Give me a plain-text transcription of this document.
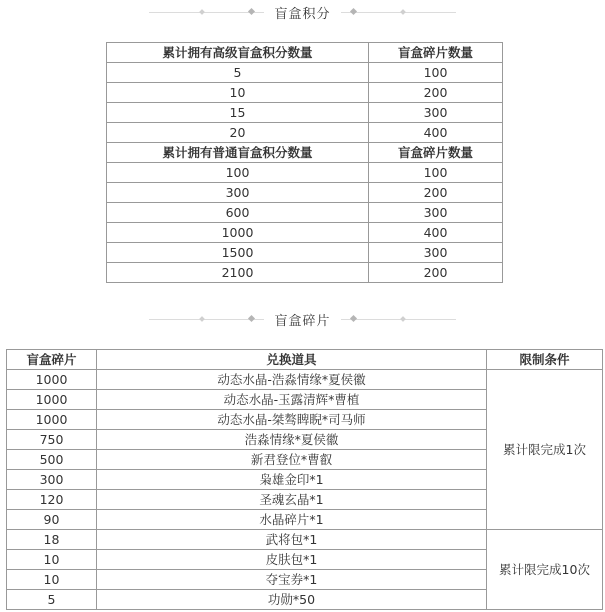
盲盒积分
累计拥有高级盲盒积分数量	盲盒碎片数量
5	100
10	200
15	300
20	400
累计拥有普通盲盒积分数量	盲盒碎片数量
100	100
300	200
600	300
1000	400
1500	300
2100	200
盲盒碎片
盲盒碎片	兑换道具	限制条件
1000	动态水晶-浩淼情缘*夏侯徽	累计限完成1次
1000	动态水晶-玉露清辉*曹植	
1000	动态水晶-桀骜睥睨*司马师	
750	浩淼情缘*夏侯徽	
500	新君登位*曹叡	
300	枭雄金印*1	
120	圣魂玄晶*1	
90	水晶碎片*1	
18	武将包*1	累计限完成10次
10	皮肤包*1	
10	夺宝券*1	
5	功勋*50	
